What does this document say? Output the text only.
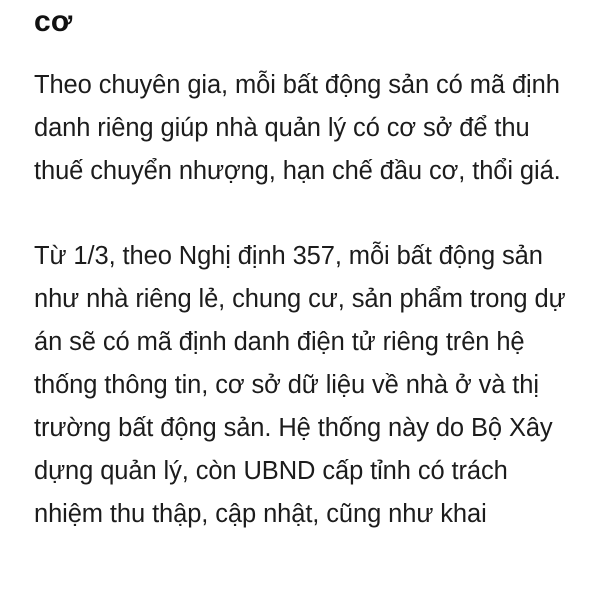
cơ

Theo chuyên gia, mỗi bất động sản có mã định danh riêng giúp nhà quản lý có cơ sở để thu thuế chuyển nhượng, hạn chế đầu cơ, thổi giá.

Từ 1/3, theo Nghị định 357, mỗi bất động sản như nhà riêng lẻ, chung cư, sản phẩm trong dự án sẽ có mã định danh điện tử riêng trên hệ thống thông tin, cơ sở dữ liệu về nhà ở và thị trường bất động sản. Hệ thống này do Bộ Xây dựng quản lý, còn UBND cấp tỉnh có trách nhiệm thu thập, cập nhật, cũng như khai
